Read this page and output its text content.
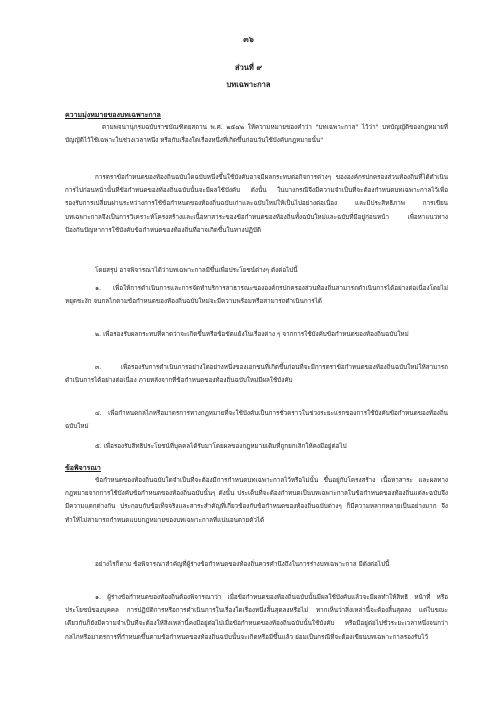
๓๖
ส่วนที่ ๙
บทเฉพาะกาล
ความมุ่งหมายของบทเฉพาะกาล
ตามพจนานุกรมฉบับราชบัณฑิตยสถาน พ.ศ. ๒๕๔๒ ให้ความหมายของคำว่า "บทเฉพาะกาล" ไว้ว่า" บทบัญญัติของกฎหมายที่บัญญัติไว้ใช้เฉพาะในช่วงเวลาหนึ่ง หรือกับเรื่องใดเรื่องหนึ่งที่เกิดขึ้นก่อนวันใช้บังคับกฎหมายนั้น"
การตราข้อกำหนดของท้องถิ่นฉบับใดฉบับหนึ่งขึ้นใช้บังคับอาจมีผลกระทบต่อกิจการต่างๆ ขององค์กรปกครองส่วนท้องถิ่นที่ได้ดำเนินการไปก่อนหน้านั้นที่ข้อกำหนดของท้องถิ่นฉบับนั้นจะมีผลใช้บังคับ ดังนั้น ในบางกรณีจึงมีความจำเป็นที่จะต้องกำหนดบทเฉพาะกาลไว้เพื่อรองรับการเปลี่ยนผ่านระหว่างการใช้ข้อกำหนดของท้องถิ่นฉบับเก่าและฉบับใหม่ให้เป็นไปอย่างต่อเนื่อง และมีประสิทธิภาพ การเขียนบทเฉพาะกาลจึงเป็นการวิเคราะห์โครงสร้างและเนื้อหาสาระของข้อกำหนดของท้องถิ่นทั้งฉบับใหม่และฉบับที่มีอยู่ก่อนหน้า เพื่อหาแนวทางป้องกันปัญหาการใช้บังคับข้อกำหนดของท้องถิ่นที่อาจเกิดขึ้นในทางปฏิบัติ
โดยสรุป อาจพิจารณาได้ว่าบทเฉพาะกาลมีขึ้นเพื่อประโยชน์ต่างๆ ดังต่อไปนี้
๑. เพื่อให้การดำเนินการและการจัดทำบริการสาธารณะขององค์กรปกครองส่วนท้องถิ่นสามารถดำเนินการได้อย่างต่อเนื่องโดยไม่หยุดชะงัก จนกลไกตามข้อกำหนดของท้องถิ่นฉบับใหม่จะมีความพร้อมหรือสามารถดำเนินการได้
๒. เพื่อรองรับผลกระทบที่คาดว่าจะเกิดขึ้นหรือข้อขัดแย้งในเรื่องต่าง ๆ จากการใช้บังคับข้อกำหนดของท้องถิ่นฉบับใหม่
๓. เพื่อรองรับการดำเนินการอย่างใดอย่างหนึ่งของเอกชนที่เกิดขึ้นก่อนที่จะมีการตราข้อกำหนดของท้องถิ่นฉบับใหม่ให้สามารถดำเนินการได้อย่างต่อเนื่อง ภายหลังจากที่ข้อกำหนดของท้องถิ่นฉบับใหม่มีผลใช้บังคับ
๔. เพื่อกำหนดกลไกหรือมาตรการทางกฎหมายที่จะใช้บังคับเป็นการชั่วคราวในช่วงระยะแรกของการใช้บังคับข้อกำหนดของท้องถิ่นฉบับใหม่
๕. เพื่อรองรับสิทธิประโยชน์ที่บุคคลได้รับมาโดยผลของกฎหมายเดิมที่ถูกยกเลิกให้คงมีอยู่ต่อไป
ข้อพิจารณา
ข้อกำหนดของท้องถิ่นฉบับใดจำเป็นที่จะต้องมีการกำหนดบทเฉพาะกาลไว้หรือไม่นั้น ขึ้นอยู่กับโครงสร้าง เนื้อหาสาระ และผลทางกฎหมายจากการใช้บังคับข้อกำหนดของท้องถิ่นฉบับนั้นๆ ดังนั้น ประเด็นที่จะต้องกำหนดเป็นบทเฉพาะกาลในข้อกำหนดของท้องถิ่นแต่ละฉบับจึงมีความแตกต่างกัน ประกอบกับข้อเท็จจริงและสาระสำคัญที่เกี่ยวข้องกับข้อกำหนดของท้องถิ่นฉบับต่างๆ ก็มีความหลากหลายเป็นอย่างมาก จึงทำให้ไม่สามารถกำหนดแบบกฎหมายของบทเฉพาะกาลที่แน่นอนตายตัวได้
อย่างไรก็ตาม ข้อพิจารณาสำคัญที่ผู้ร่างข้อกำหนดของท้องถิ่นควรคำนึงถึงในการร่างบทเฉพาะกาล มีดังต่อไปนี้
๑. ผู้ร่างข้อกำหนดของท้องถิ่นต้องพิจารณาว่า เมื่อข้อกำหนดของท้องถิ่นฉบับนั้นมีผลใช้บังคับแล้วจะมีผลทำให้สิทธิ หน้าที่ หรือประโยชน์ของบุคคล การปฏิบัติการหรือการดำเนินการในเรื่องใดเรื่องหนึ่งสิ้นสุดลงหรือไม่ หากเห็นว่าสิ่งเหล่านี้จะต้องสิ้นสุดลง แต่ในขณะเดียวกันก็ยังมีความจำเป็นที่จะต้องให้สิ่งเหล่านี้คงมีอยู่ต่อไปเมื่อข้อกำหนดของท้องถิ่นฉบับนั้นใช้บังคับ หรือมีอยู่ต่อไปชั่วระยะเวลาหนึ่งจนกว่ากลไกหรือมาตรการที่กำหนดขึ้นตามข้อกำหนดของท้องถิ่นฉบับนั้นจะเกิดหรือมีขึ้นแล้ว ย่อมเป็นกรณีที่จะต้องเขียนบทเฉพาะกาลรองรับไว้
